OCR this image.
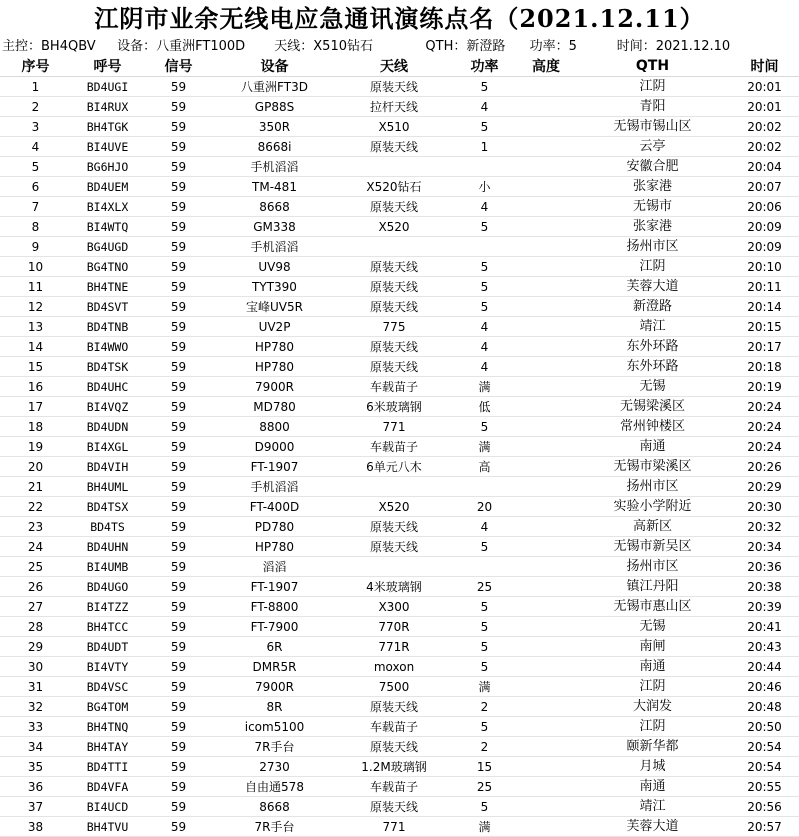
江阴市业余无线电应急通讯演练点名（2021.12.11）
主控：BH4QBV 设备：八重洲FT100D 天线：X510钻石	QTH：新澄路 功率：5	时间：2021.12.10
序号	呼号	信号	设备	天线	功率	高度	QTH	时间
1	BD4UGI	59	八重洲FT3D	原装天线	5		江阴	20:01
2	BI4RUX	59	GP88S	拉杆天线	4		青阳	20:01
3	BH4TGK	59	350R	X510	5		无锡市锡山区	20:02
4	BI4UVE	59	8668i	原装天线	1		云亭	20:02
5	BG6HJO	59	手机滔滔				安徽合肥	20:04
6	BD4UEM	59	TM-481	X520钻石	小		张家港	20:07
7	BI4XLX	59	8668	原装天线	4		无锡市	20:06
8	BI4WTQ	59	GM338	X520	5		张家港	20:09
9	BG4UGD	59	手机滔滔				扬州市区	20:09
10	BG4TNO	59	UV98	原装天线	5		江阴	20:10
11	BH4TNE	59	TYT390	原装天线	5		芙蓉大道	20:11
12	BD4SVT	59	宝峰UV5R	原装天线	5		新澄路	20:14
13	BD4TNB	59	UV2P	775	4		靖江	20:15
14	BI4WWO	59	HP780	原装天线	4		东外环路	20:17
15	BD4TSK	59	HP780	原装天线	4		东外环路	20:18
16	BD4UHC	59	7900R	车载苗子	满		无锡	20:19
17	BI4VQZ	59	MD780	6米玻璃钢	低		无锡梁溪区	20:24
18	BD4UDN	59	8800	771	5		常州钟楼区	20:24
19	BI4XGL	59	D9000	车载苗子	满		南通	20:24
20	BD4VIH	59	FT-1907	6单元八木	高		无锡市梁溪区	20:26
21	BH4UML	59	手机滔滔				扬州市区	20:29
22	BD4TSX	59	FT-400D	X520	20		实验小学附近	20:30
23	BD4TS	59	PD780	原装天线	4		高新区	20:32
24	BD4UHN	59	HP780	原装天线	5		无锡市新吴区	20:34
25	BI4UMB	59	滔滔				扬州市区	20:36
26	BD4UGO	59	FT-1907	4米玻璃钢	25		镇江丹阳	20:38
27	BI4TZZ	59	FT-8800	X300	5		无锡市惠山区	20:39
28	BH4TCC	59	FT-7900	770R	5		无锡	20:41
29	BD4UDT	59	6R	771R	5		南闸	20:43
30	BI4VTY	59	DMR5R	moxon	5		南通	20:44
31	BD4VSC	59	7900R	7500	满		江阴	20:46
32	BG4TOM	59	8R	原装天线	2		大润发	20:48
33	BH4TNQ	59	icom5100	车载苗子	5		江阴	20:50
34	BH4TAY	59	7R手台	原装天线	2		颐新华都	20:54
35	BD4TTI	59	2730	1.2M玻璃钢	15		月城	20:54
36	BD4VFA	59	自由通578	车载苗子	25		南通	20:55
37	BI4UCD	59	8668	原装天线	5		靖江	20:56
38	BH4TVU	59	7R手台	771	满		芙蓉大道	20:57
